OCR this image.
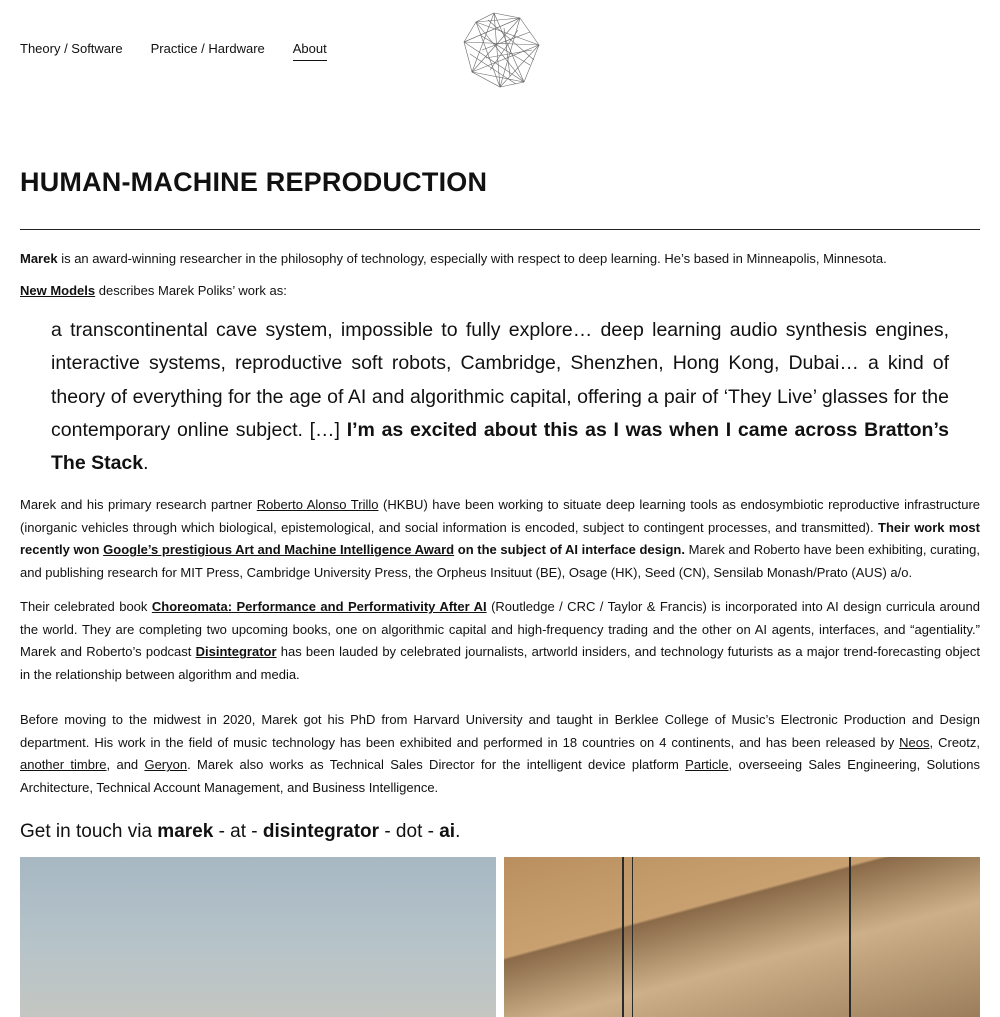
Theory / Software Practice / Hardware About
HUMAN-MACHINE REPRODUCTION

Marek is an award-winning researcher in the philosophy of technology, especially with respect to deep learning. He’s based in Minneapolis, Minnesota.

New Models describes Marek Poliks’ work as:

a transcontinental cave system, impossible to fully explore… deep learning audio synthesis engines, interactive systems, reproductive soft robots, Cambridge, Shenzhen, Hong Kong, Dubai… a kind of theory of everything for the age of AI and algorithmic capital, offering a pair of ‘They Live’ glasses for the contemporary online subject. […] I’m as excited about this as I was when I came across Bratton’s The Stack.

Marek and his primary research partner Roberto Alonso Trillo (HKBU) have been working to situate deep learning tools as endosymbiotic reproductive infrastructure (inorganic vehicles through which biological, epistemological, and social information is encoded, subject to contingent processes, and transmitted). Their work most recently won Google’s prestigious Art and Machine Intelligence Award on the subject of AI interface design. Marek and Roberto have been exhibiting, curating, and publishing research for MIT Press, Cambridge University Press, the Orpheus Insituut (BE), Osage (HK), Seed (CN), Sensilab Monash/Prato (AUS) a/o.

Their celebrated book Choreomata: Performance and Performativity After AI (Routledge / CRC / Taylor & Francis) is incorporated into AI design curricula around the world. They are completing two upcoming books, one on algorithmic capital and high-frequency trading and the other on AI agents, interfaces, and “agentiality.” Marek and Roberto’s podcast Disintegrator has been lauded by celebrated journalists, artworld insiders, and technology futurists as a major trend-forecasting object in the relationship between algorithm and media.

Before moving to the midwest in 2020, Marek got his PhD from Harvard University and taught in Berklee College of Music’s Electronic Production and Design department. His work in the field of music technology has been exhibited and performed in 18 countries on 4 continents, and has been released by Neos, Creotz, another timbre, and Geryon. Marek also works as Technical Sales Director for the intelligent device platform Particle, overseeing Sales Engineering, Solutions Architecture, Technical Account Management, and Business Intelligence.

Get in touch via marek - at - disintegrator - dot - ai.
